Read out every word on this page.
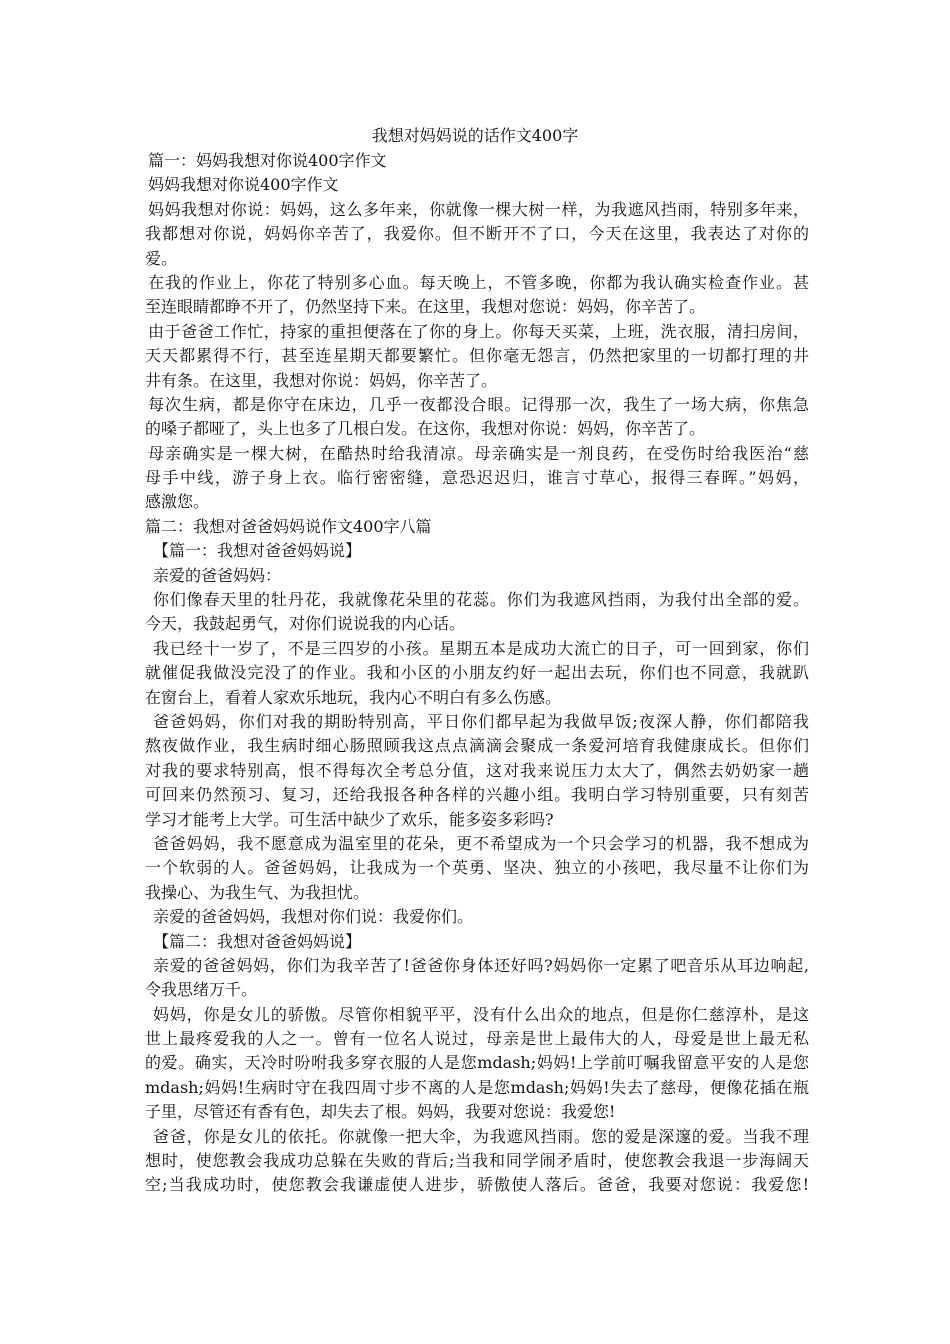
我想对妈妈说的话作文400字
篇一：妈妈我想对你说400字作文
妈妈我想对你说400字作文
妈妈我想对你说：妈妈，这么多年来，你就像一棵大树一样，为我遮风挡雨，特别多年来，
我都想对你说，妈妈你辛苦了，我爱你。但不断开不了口，今天在这里，我表达了对你的
爱。
在我的作业上，你花了特别多心血。每天晚上，不管多晚，你都为我认确实检查作业。甚
至连眼睛都睁不开了，仍然坚持下来。在这里，我想对您说：妈妈，你辛苦了。
由于爸爸工作忙，持家的重担便落在了你的身上。你每天买菜，上班，洗衣服，清扫房间，
天天都累得不行，甚至连星期天都要繁忙。但你毫无怨言，仍然把家里的一切都打理的井
井有条。在这里，我想对你说：妈妈，你辛苦了。
每次生病，都是你守在床边，几乎一夜都没合眼。记得那一次，我生了一场大病，你焦急
的嗓子都哑了，头上也多了几根白发。在这你，我想对你说：妈妈，你辛苦了。
母亲确实是一棵大树，在酷热时给我清凉。母亲确实是一剂良药，在受伤时给我医治“慈
母手中线，游子身上衣。临行密密缝，意恐迟迟归，谁言寸草心，报得三春晖。”妈妈，
感激您。
篇二：我想对爸爸妈妈说作文400字八篇
【篇一：我想对爸爸妈妈说】
亲爱的爸爸妈妈：
你们像春天里的牡丹花，我就像花朵里的花蕊。你们为我遮风挡雨，为我付出全部的爱。
今天，我鼓起勇气，对你们说说我的内心话。
我已经十一岁了，不是三四岁的小孩。星期五本是成功大流亡的日子，可一回到家，你们
就催促我做没完没了的作业。我和小区的小朋友约好一起出去玩，你们也不同意，我就趴
在窗台上，看着人家欢乐地玩，我内心不明白有多么伤感。
爸爸妈妈，你们对我的期盼特别高，平日你们都早起为我做早饭;夜深人静，你们都陪我
熬夜做作业，我生病时细心肠照顾我这点点滴滴会聚成一条爱河培育我健康成长。但你们
对我的要求特别高，恨不得每次全考总分值，这对我来说压力太大了，偶然去奶奶家一趟
可回来仍然预习、复习，还给我报各种各样的兴趣小组。我明白学习特别重要，只有刻苦
学习才能考上大学。可生活中缺少了欢乐，能多姿多彩吗?
爸爸妈妈，我不愿意成为温室里的花朵，更不希望成为一个只会学习的机器，我不想成为
一个软弱的人。爸爸妈妈，让我成为一个英勇、坚决、独立的小孩吧，我尽量不让你们为
我操心、为我生气、为我担忧。
亲爱的爸爸妈妈，我想对你们说：我爱你们。
【篇二：我想对爸爸妈妈说】
亲爱的爸爸妈妈，你们为我辛苦了!爸爸你身体还好吗?妈妈你一定累了吧音乐从耳边响起,
令我思绪万千。
妈妈，你是女儿的骄傲。尽管你相貌平平，没有什么出众的地点，但是你仁慈淳朴，是这
世上最疼爱我的人之一。曾有一位名人说过，母亲是世上最伟大的人，母爱是世上最无私
的爱。确实，天冷时吩咐我多穿衣服的人是您mdash;妈妈!上学前叮嘱我留意平安的人是您
mdash;妈妈!生病时守在我四周寸步不离的人是您mdash;妈妈!失去了慈母，便像花插在瓶
子里，尽管还有香有色，却失去了根。妈妈，我要对您说：我爱您!
爸爸，你是女儿的依托。你就像一把大伞，为我遮风挡雨。您的爱是深邃的爱。当我不理
想时，使您教会我成功总躲在失败的背后;当我和同学闹矛盾时，使您教会我退一步海阔天
空;当我成功时，使您教会我谦虚使人进步，骄傲使人落后。爸爸，我要对您说：我爱您!
